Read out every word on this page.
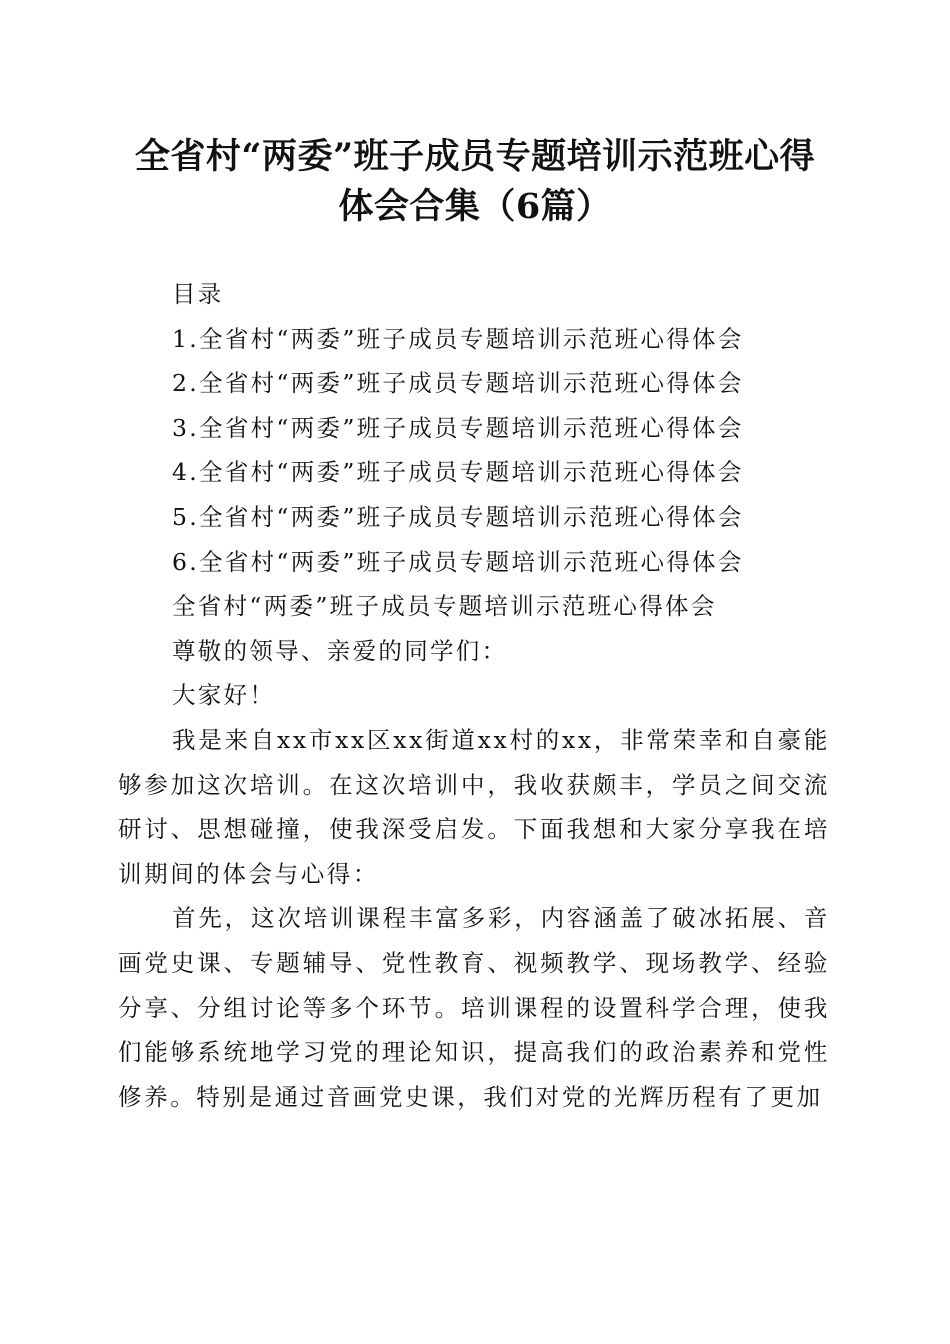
全省村“两委”班子成员专题培训示范班心得
体会合集（6篇）
目录
1.全省村“两委”班子成员专题培训示范班心得体会
2.全省村“两委”班子成员专题培训示范班心得体会
3.全省村“两委”班子成员专题培训示范班心得体会
4.全省村“两委”班子成员专题培训示范班心得体会
5.全省村“两委”班子成员专题培训示范班心得体会
6.全省村“两委”班子成员专题培训示范班心得体会
全省村“两委”班子成员专题培训示范班心得体会
尊敬的领导、亲爱的同学们：
大家好！
我是来自xx市xx区xx街道xx村的xx，非常荣幸和自豪能够参加这次培训。在这次培训中，我收获颇丰，学员之间交流研讨、思想碰撞，使我深受启发。下面我想和大家分享我在培训期间的体会与心得：
首先，这次培训课程丰富多彩，内容涵盖了破冰拓展、音画党史课、专题辅导、党性教育、视频教学、现场教学、经验分享、分组讨论等多个环节。培训课程的设置科学合理，使我们能够系统地学习党的理论知识，提高我们的政治素养和党性修养。特别是通过音画党史课，我们对党的光辉历程有了更加
